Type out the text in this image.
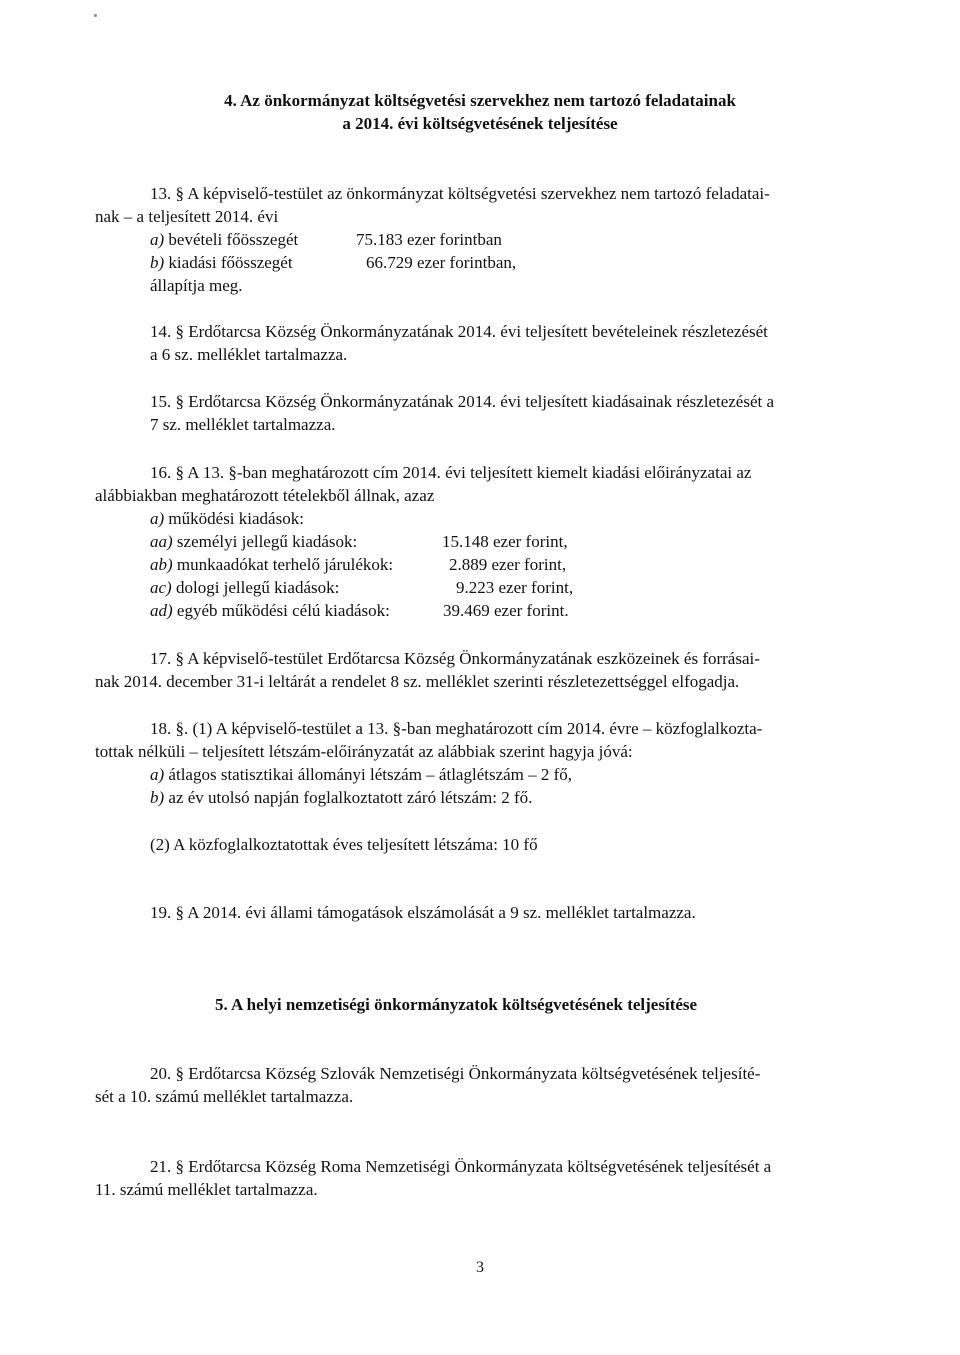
4. Az önkormányzat költségvetési szervekhez nem tartozó feladatainak
a 2014. évi költségvetésének teljesítése
13. § A képviselő-testület az önkormányzat költségvetési szervekhez nem tartozó feladatai-
nak – a teljesített 2014. évi
a) bevételi főösszegét	75.183 ezer forintban
b) kiadási főösszegét	66.729 ezer forintban,
állapítja meg.
14. § Erdőtarcsa Község Önkormányzatának 2014. évi teljesített bevételeinek részletezését
a 6 sz. melléklet tartalmazza.
15. § Erdőtarcsa Község Önkormányzatának 2014. évi teljesített kiadásainak részletezését a
7 sz. melléklet tartalmazza.
16. § A 13. §-ban meghatározott cím 2014. évi teljesített kiemelt kiadási előirányzatai az
alábbiakban meghatározott tételekből állnak, azaz
a) működési kiadások:
aa) személyi jellegű kiadások:	15.148 ezer forint,
ab) munkaadókat terhelő járulékok:	2.889 ezer forint,
ac) dologi jellegű kiadások:	9.223 ezer forint,
ad) egyéb működési célú kiadások:	39.469 ezer forint.
17. § A képviselő-testület Erdőtarcsa Község Önkormányzatának eszközeinek és forrásai-
nak 2014. december 31-i leltárát a rendelet 8 sz. melléklet szerinti részletezettséggel elfogadja.
18. §. (1) A képviselő-testület a 13. §-ban meghatározott cím 2014. évre – közfoglalkozta-
tottak nélküli – teljesített létszám-előirányzatát az alábbiak szerint hagyja jóvá:
a) átlagos statisztikai állományi létszám – átlaglétszám – 2 fő,
b) az év utolsó napján foglalkoztatott záró létszám: 2 fő.
(2) A közfoglalkoztatottak éves teljesített létszáma: 10 fő
19. § A 2014. évi állami támogatások elszámolását a 9 sz. melléklet tartalmazza.
5. A helyi nemzetiségi önkormányzatok költségvetésének teljesítése
20. § Erdőtarcsa Község Szlovák Nemzetiségi Önkormányzata költségvetésének teljesíté-
sét a 10. számú melléklet tartalmazza.
21. § Erdőtarcsa Község Roma Nemzetiségi Önkormányzata költségvetésének teljesítését a
11. számú melléklet tartalmazza.
3
